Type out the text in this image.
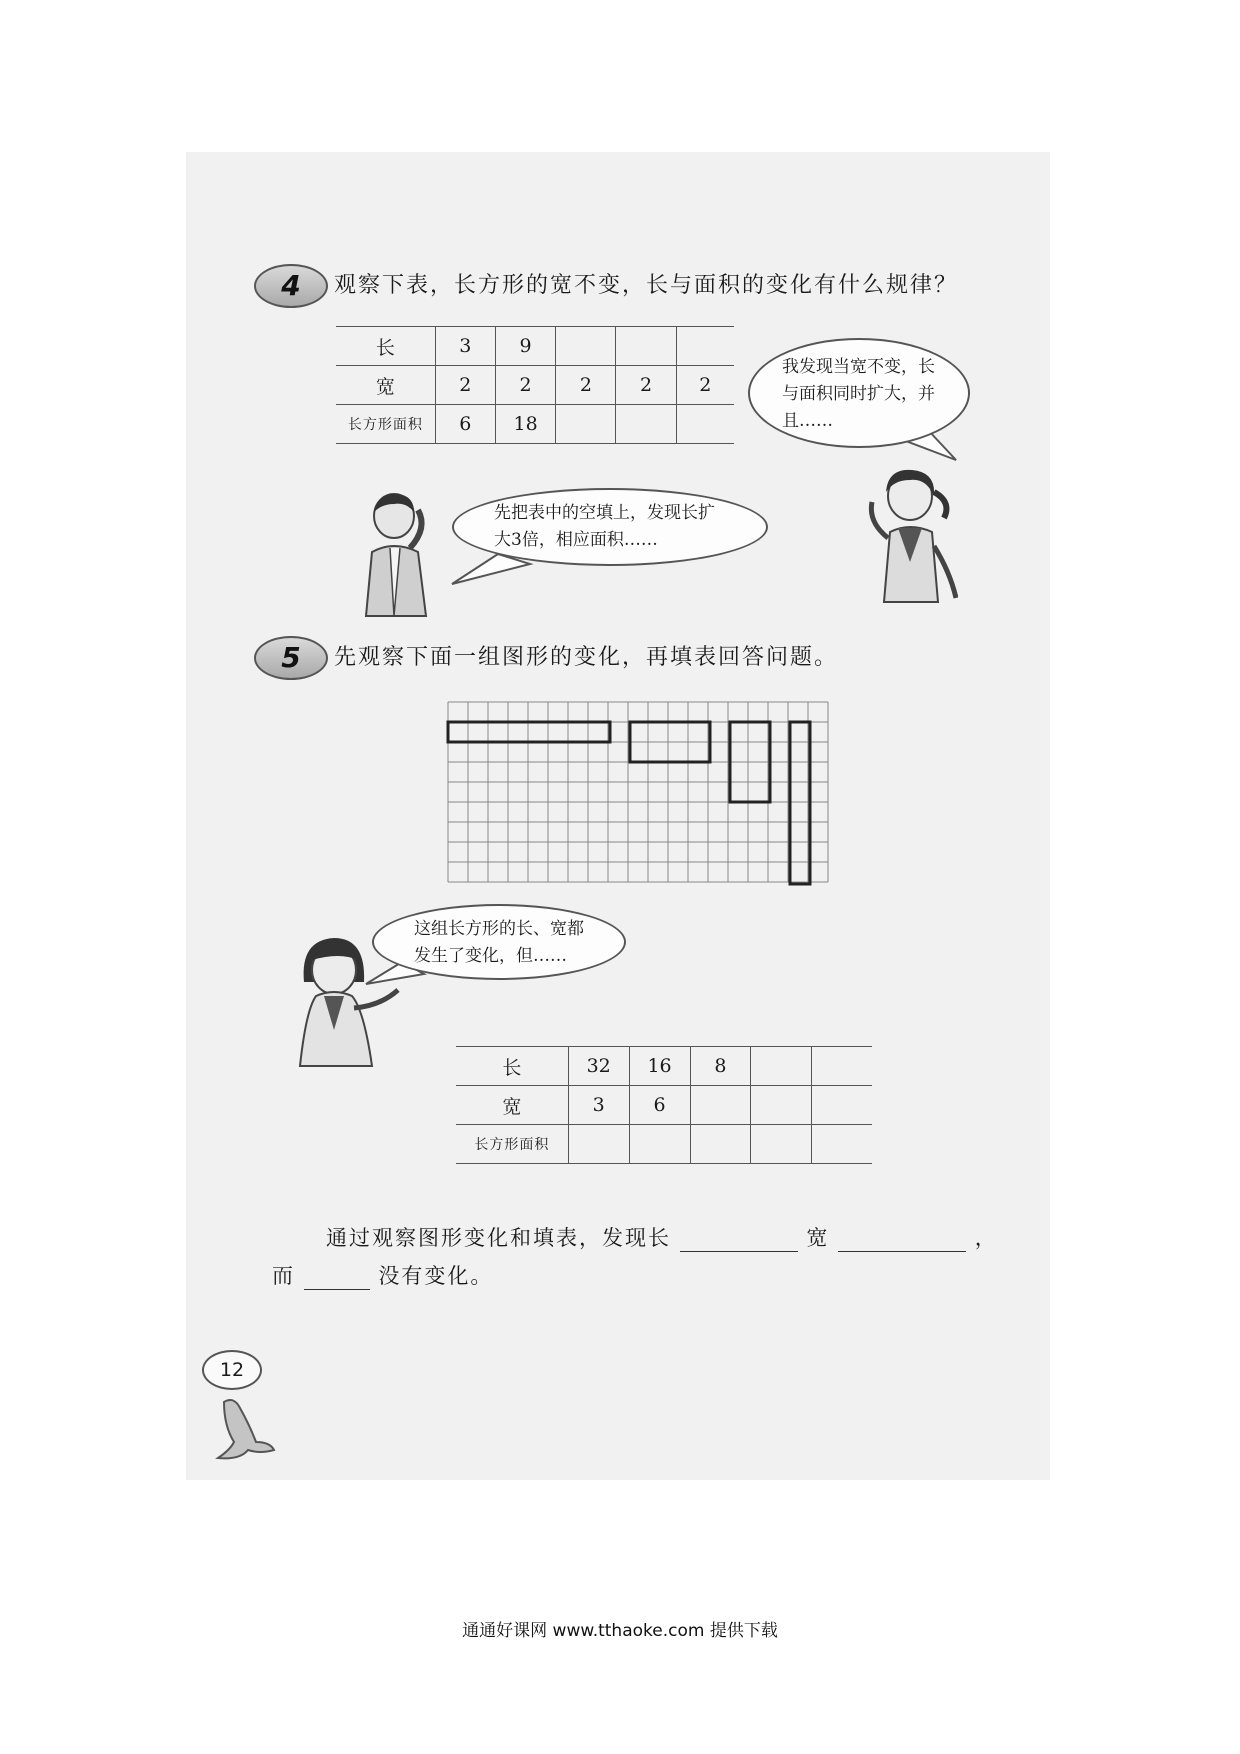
4	观察下表，长方形的宽不变，长与面积的变化有什么规律？
长	3	9			
宽	2	2	2	2	2
长方形面积	6	18			
我发现当宽不变，长
与面积同时扩大，并
且……
先把表中的空填上，发现长扩
大3倍，相应面积……
5	先观察下面一组图形的变化，再填表回答问题。
这组长方形的长、宽都
发生了变化，但……
长	32	16	8		
宽	3	6			
长方形面积					
通过观察图形变化和填表，发现长	宽	，
而	没有变化。
12
通通好课网 www.tthaoke.com 提供下载
